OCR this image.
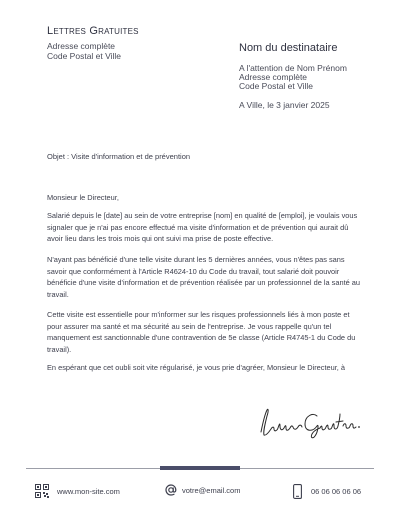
Lettres Gratuites
Adresse complète
Code Postal et Ville
Nom du destinataire
A l'attention de Nom Prénom
Adresse complète
Code Postal et Ville
A Ville, le 3 janvier 2025
Objet : Visite d'information et de prévention

Monsieur le Directeur,

Salarié depuis le [date] au sein de votre entreprise [nom] en qualité de [emploi], je voulais vous signaler que je n'ai pas encore effectué ma visite d'information et de prévention qui aurait dû avoir lieu dans les trois mois qui ont suivi ma prise de poste effective.

N'ayant pas bénéficié d'une telle visite durant les 5 dernières années, vous n'êtes pas sans savoir que conformément à l'Article R4624-10 du Code du travail, tout salarié doit pouvoir bénéficie d'une visite d'information et de prévention réalisée par un professionnel de la santé au travail.

Cette visite est essentielle pour m'informer sur les risques professionnels liés à mon poste et pour assurer ma santé et ma sécurité au sein de l'entreprise. Je vous rappelle qu'un tel manquement est sanctionnable d'une contravention de 5e classe (Article R4745-1 du Code du travail).

En espérant que cet oubli soit vite régularisé, je vous prie d'agréer, Monsieur le Directeur, à

www.mon-site.com	votre@email.com	06 06 06 06 06
